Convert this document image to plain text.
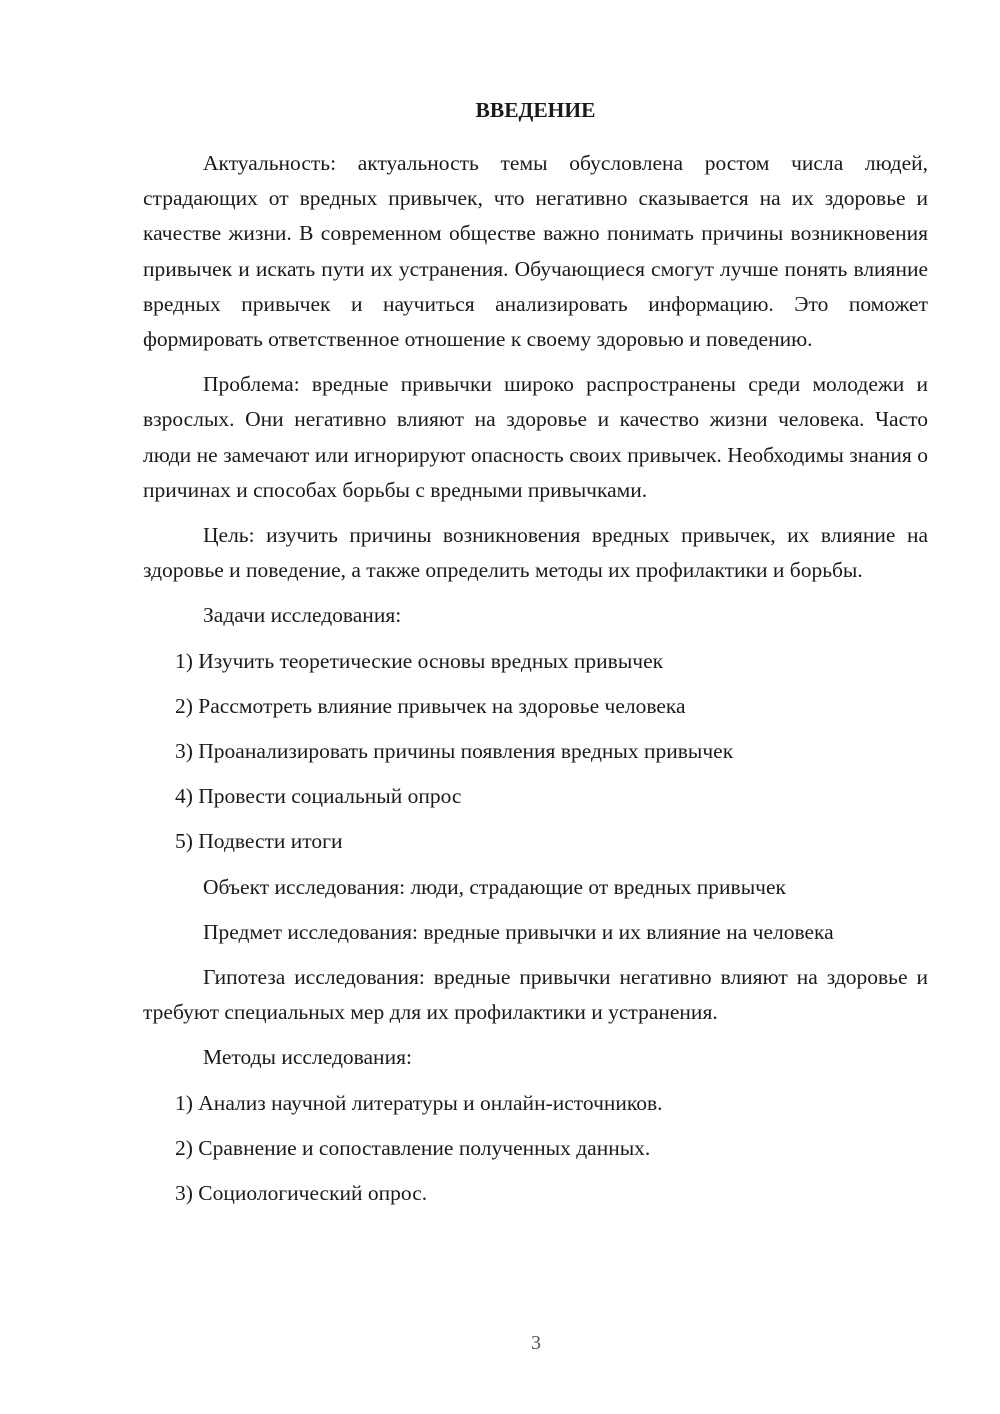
ВВЕДЕНИЕ
Актуальность: актуальность темы обусловлена ростом числа людей, страдающих от вредных привычек, что негативно сказывается на их здоровье и качестве жизни. В современном обществе важно понимать причины возникновения привычек и искать пути их устранения. Обучающиеся смогут лучше понять влияние вредных привычек и научиться анализировать информацию. Это поможет формировать ответственное отношение к своему здоровью и поведению.
Проблема: вредные привычки широко распространены среди молодежи и взрослых. Они негативно влияют на здоровье и качество жизни человека. Часто люди не замечают или игнорируют опасность своих привычек. Необходимы знания о причинах и способах борьбы с вредными привычками.
Цель: изучить причины возникновения вредных привычек, их влияние на здоровье и поведение, а также определить методы их профилактики и борьбы.
Задачи исследования:
1) Изучить теоретические основы вредных привычек
2) Рассмотреть влияние привычек на здоровье человека
3) Проанализировать причины появления вредных привычек
4) Провести социальный опрос
5) Подвести итоги
Объект исследования: люди, страдающие от вредных привычек
Предмет исследования: вредные привычки и их влияние на человека
Гипотеза исследования: вредные привычки негативно влияют на здоровье и требуют специальных мер для их профилактики и устранения.
Методы исследования:
1) Анализ научной литературы и онлайн-источников.
2) Сравнение и сопоставление полученных данных.
3) Социологический опрос.
3
